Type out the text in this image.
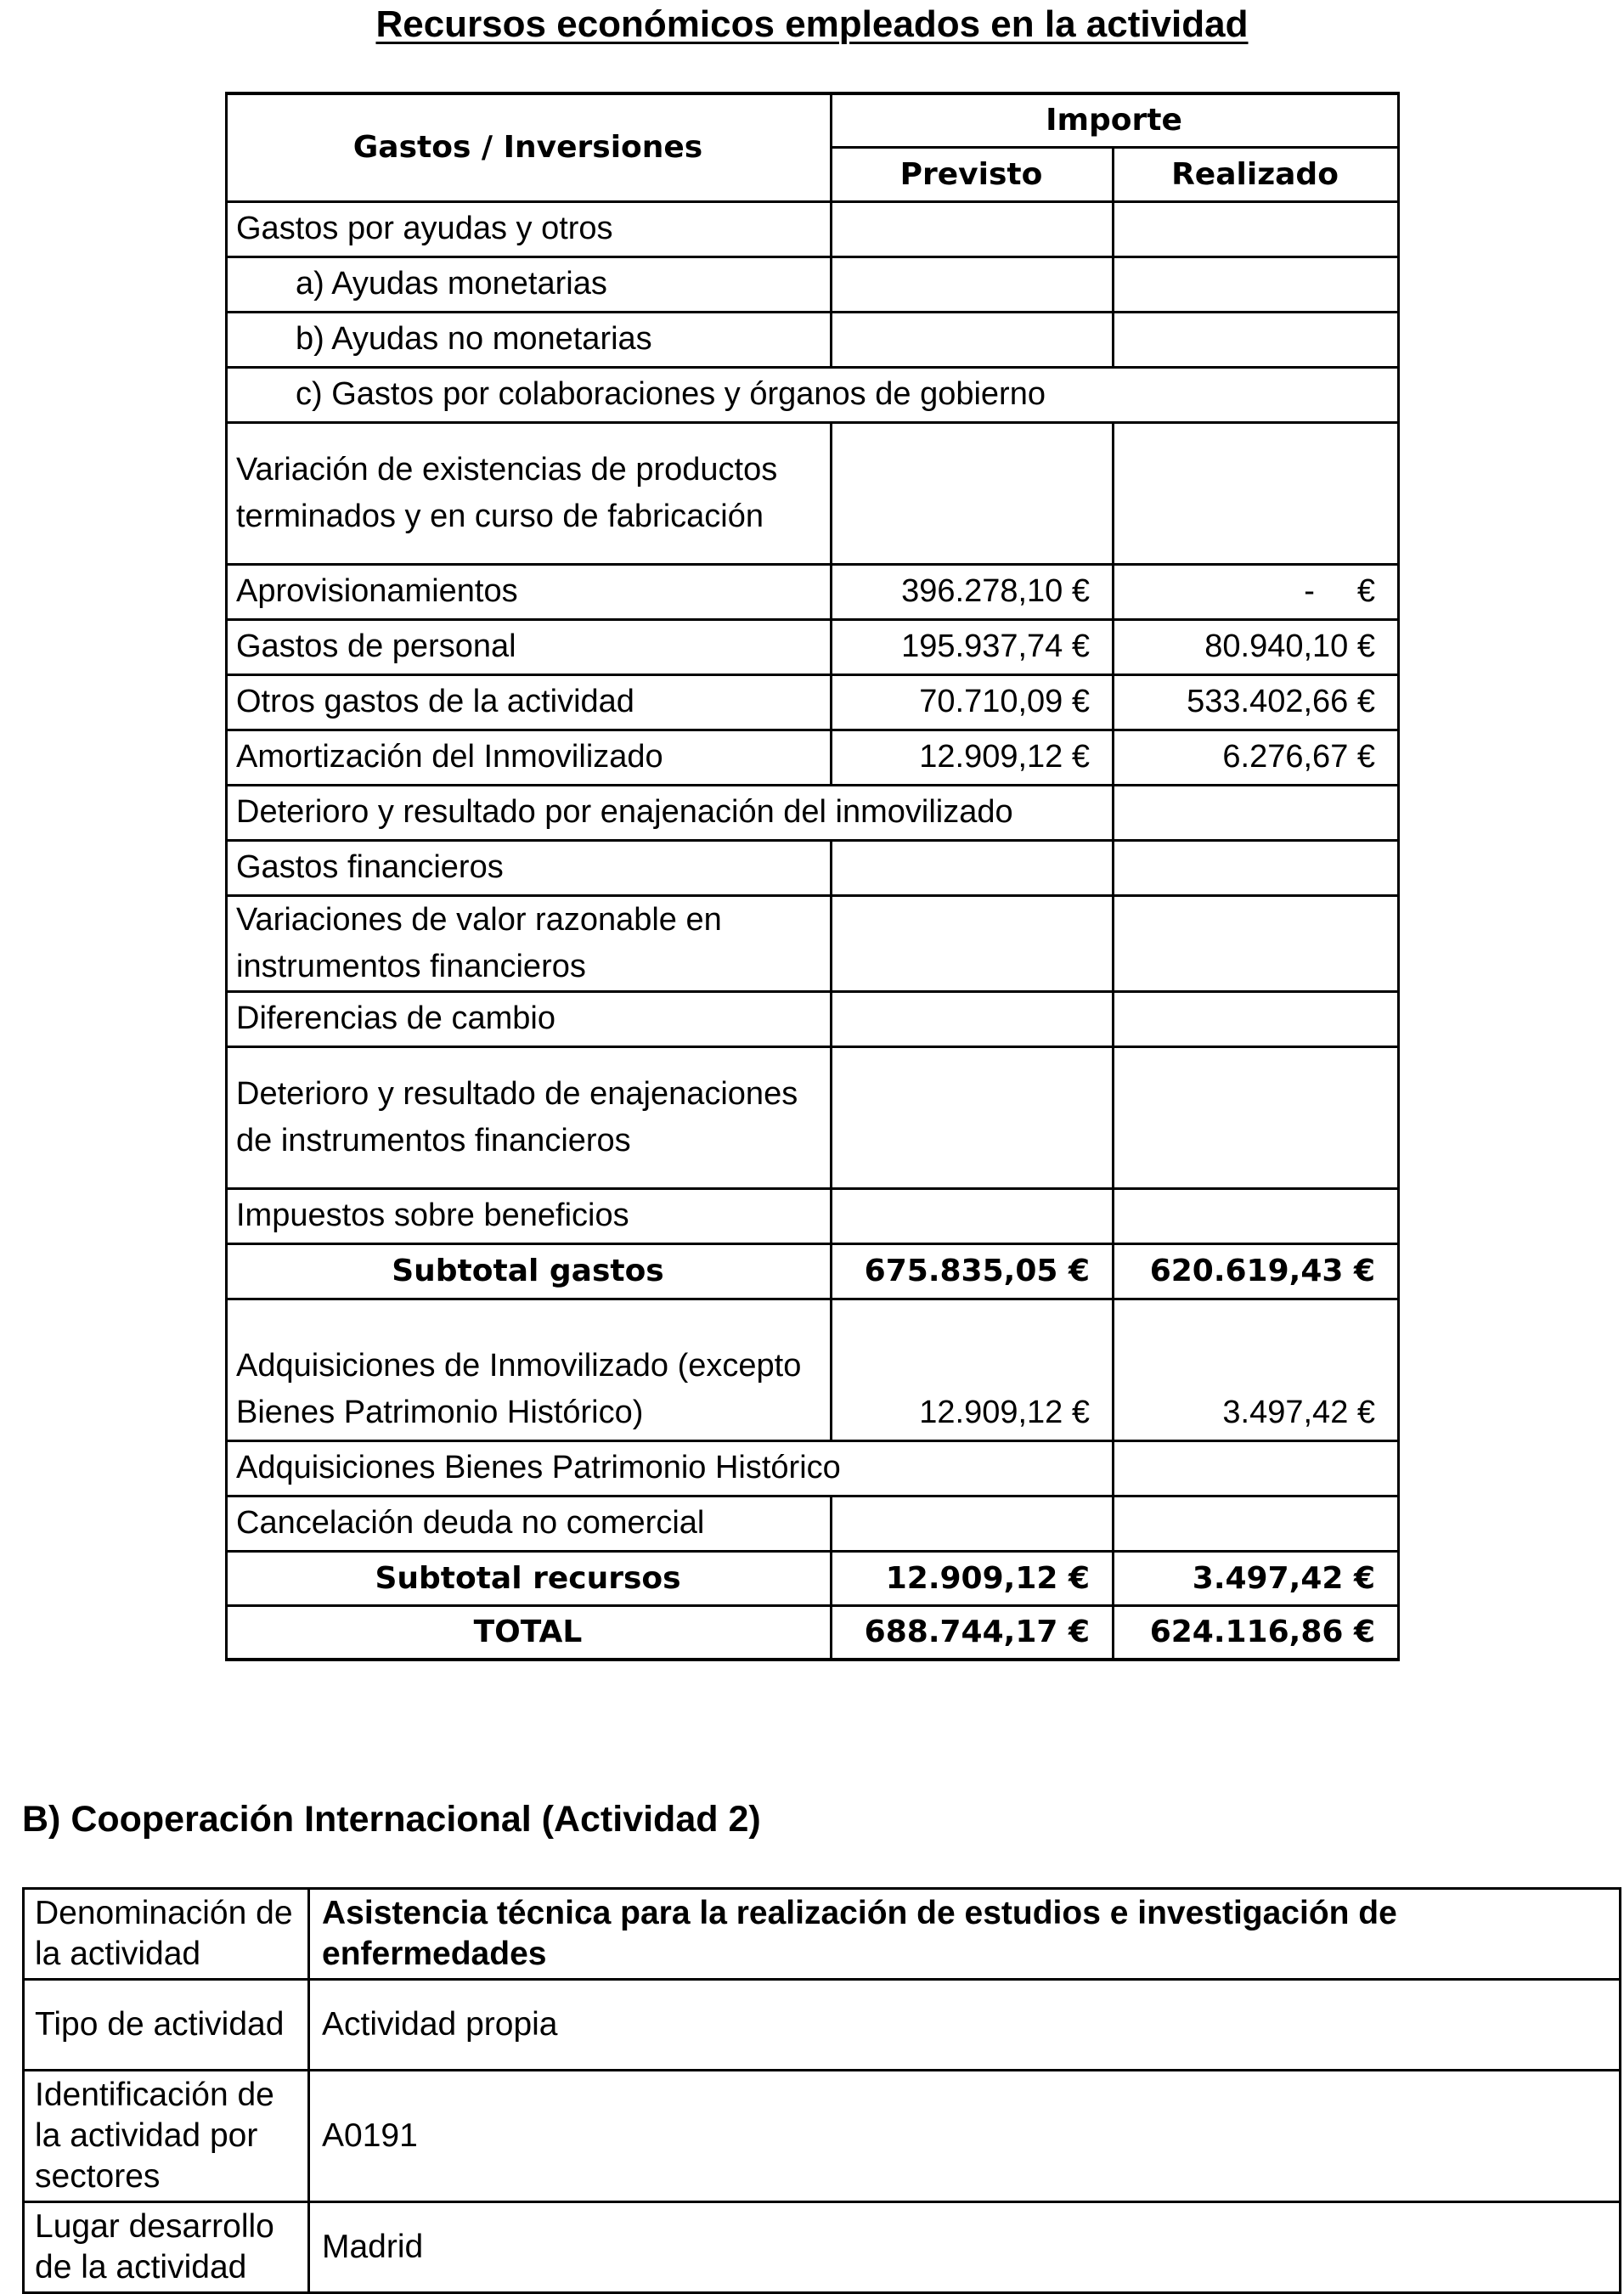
Recursos económicos empleados en la actividad
Gastos / Inversiones	Importe	
	Previsto	Realizado
Gastos por ayudas y otros		
a) Ayudas monetarias		
b) Ayudas no monetarias		
c) Gastos por colaboraciones y órganos de gobierno		
Variación de existencias de productos terminados y en curso de fabricación		
Aprovisionamientos	396.278,10 €	- €
Gastos de personal	195.937,74 €	80.940,10 €
Otros gastos de la actividad	70.710,09 €	533.402,66 €
Amortización del Inmovilizado	12.909,12 €	6.276,67 €
Deterioro y resultado por enajenación del inmovilizado		
Gastos financieros		
Variaciones de valor razonable en instrumentos financieros		
Diferencias de cambio		
Deterioro y resultado de enajenaciones de instrumentos financieros		
Impuestos sobre beneficios		
Subtotal gastos	675.835,05 €	620.619,43 €
Adquisiciones de Inmovilizado (excepto Bienes Patrimonio Histórico)	12.909,12 €	3.497,42 €
Adquisiciones Bienes Patrimonio Histórico		
Cancelación deuda no comercial		
Subtotal recursos	12.909,12 €	3.497,42 €
TOTAL	688.744,17 €	624.116,86 €
B) Cooperación Internacional (Actividad 2)
Denominación de la actividad	Asistencia técnica para la realización de estudios e investigación de enfermedades
Tipo de actividad	Actividad propia
Identificación de la actividad por sectores	A0191
Lugar desarrollo de la actividad	Madrid
